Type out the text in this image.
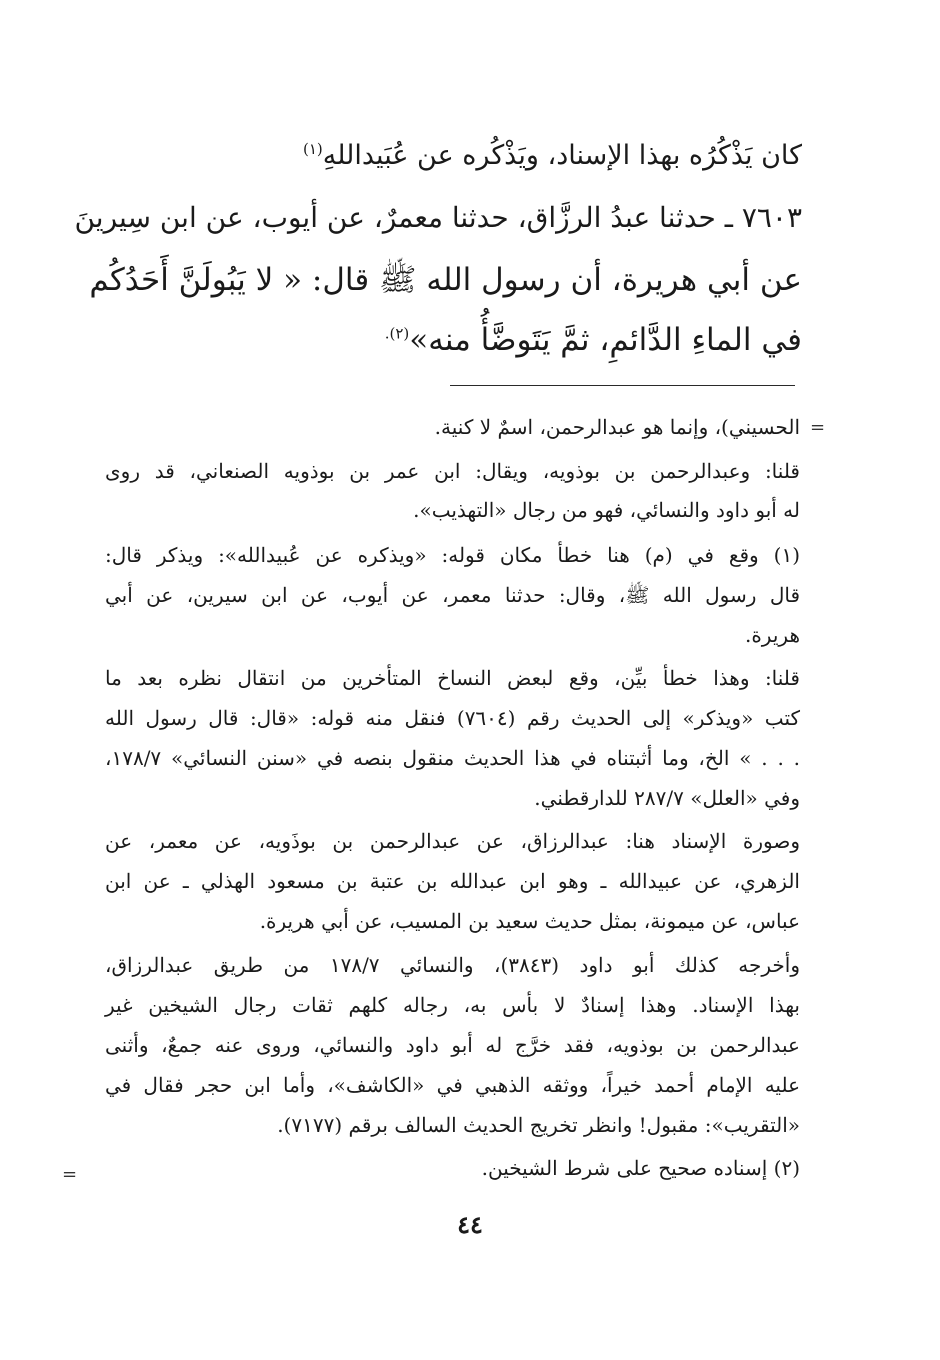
كان يَذْكُرُه بهذا الإسناد، ويَذْكُره عن عُبَيداللهِ$^{(١)}$
٧٦٠٣ ـ حدثنا عبدُ الرزَّاق، حدثنا معمرٌ، عن أيوب، عن ابن سِيرينَ
عن أبي هريرة، أن رسول الله ﷺ قال: « لا يَبُولَنَّ أَحَدُكُم
في الماءِ الدَّائمِ، ثمَّ يَتَوضَّأُ منه»$^{(٢).}$
=
الحسيني)، وإنما هو عبدالرحمن، اسمٌ لا كنية.
قلنا: وعبدالرحمن بن بوذويه، ويقال: ابن عمر بن بوذويه الصنعاني، قد روى
له أبو داود والنسائي، فهو من رجال «التهذيب».
(١) وقع في (م) هنا خطأ مكان قوله: «ويذكره عن عُبيدالله»: ويذكر قال:
قال رسول الله ﷺ، وقال: حدثنا معمر، عن أيوب، عن ابن سيرين، عن أبي
هريرة.
قلنا: وهذا خطأ بيِّن، وقع لبعض النساخ المتأخرين من انتقال نظره بعد ما
كتب «ويذكر» إلى الحديث رقم (٧٦٠٤) فنقل منه قوله: «قال: قال رسول الله
. . . » الخ، وما أثبتناه في هذا الحديث منقول بنصه في «سنن النسائي» ١٧٨/٧،
وفي «العلل» ٢٨٧/٧ للدارقطني.
وصورة الإسناد هنا: عبدالرزاق، عن عبدالرحمن بن بوذَويه، عن معمر، عن
الزهري، عن عبيدالله ـ وهو ابن عبدالله بن عتبة بن مسعود الهذلي ـ عن ابن
عباس، عن ميمونة، بمثل حديث سعيد بن المسيب، عن أبي هريرة.
وأخرجه كذلك أبو داود (٣٨٤٣)، والنسائي ١٧٨/٧ من طريق عبدالرزاق،
بهذا الإسناد. وهذا إسنادٌ لا بأس به، رجاله كلهم ثقات رجال الشيخين غير
عبدالرحمن بن بوذويه، فقد خرَّج له أبو داود والنسائي، وروى عنه جمعٌ، وأثنى
عليه الإمام أحمد خيراً، ووثقه الذهبي في «الكاشف»، وأما ابن حجر فقال في
«التقريب»: مقبول! وانظر تخريج الحديث السالف برقم (٧١٧٧).
(٢) إسناده صحيح على شرط الشيخين.
=
٤٤
